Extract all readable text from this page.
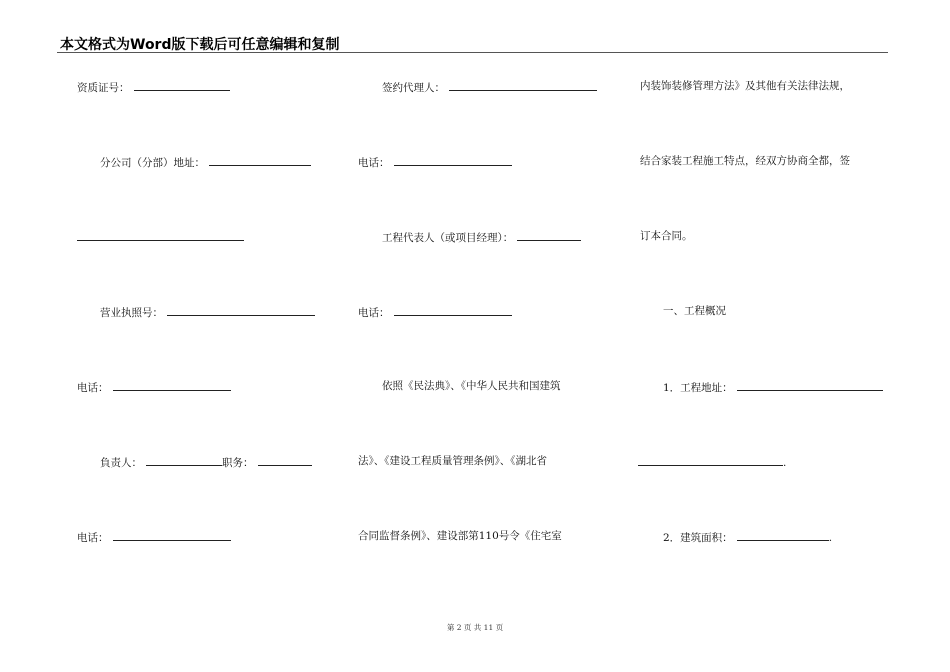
本文格式为Word版下载后可任意编辑和复制
资质证号：
分公司（分部）地址：
营业执照号：
电话：
負责人：	职务：
电话：
签约代理人：
电话：
工程代表人（或项目经理）：
电话：
依照《民法典》、《中华人民共和国建筑
法》、《建设工程质量管理条例》、《湖北省
合同监督条例》、建设部第110号令《住宅室
内装饰装修管理方法》及其他有关法律法规，
结合家装工程施工特点，经双方协商全都，签
订本合同。
一、工程概况
1．工程地址：
.
2．建筑面积：	.
第 2 页 共 11 页
